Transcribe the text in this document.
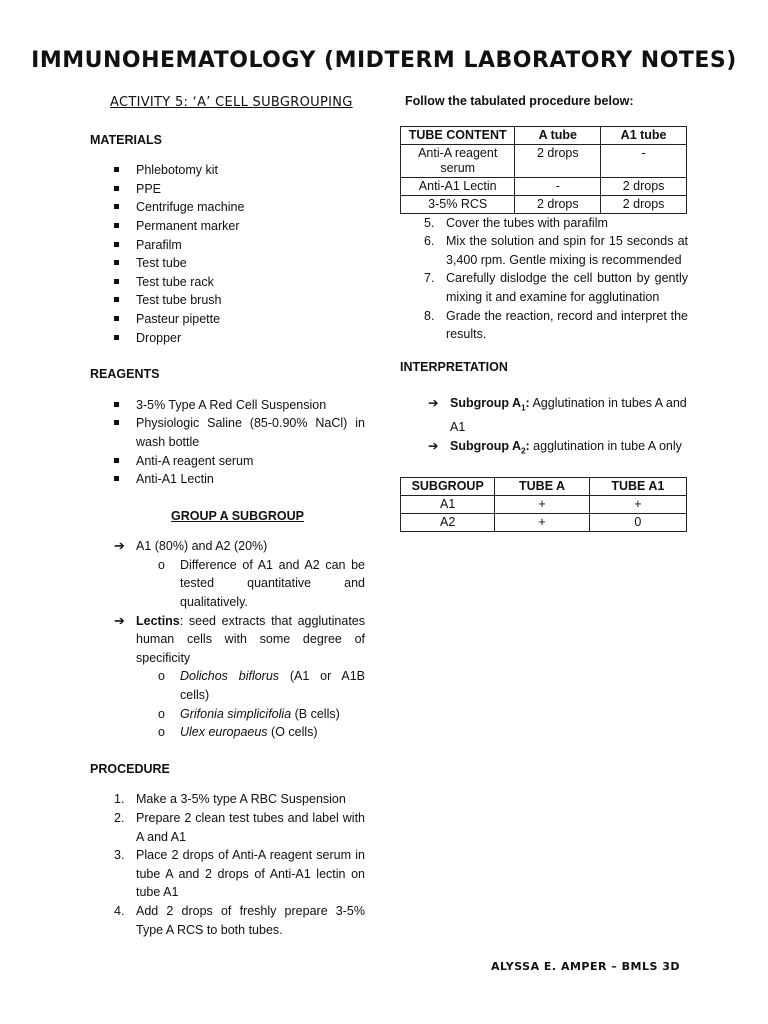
IMMUNOHEMATOLOGY (MIDTERM LABORATORY NOTES)
ACTIVITY 5: ‘A’ CELL SUBGROUPING
MATERIALS
Phlebotomy kit
PPE
Centrifuge machine
Permanent marker
Parafilm
Test tube
Test tube rack
Test tube brush
Pasteur pipette
Dropper
REAGENTS
3-5% Type A Red Cell Suspension
Physiologic Saline (85-0.90% NaCl) in wash bottle
Anti-A reagent serum
Anti-A1 Lectin
GROUP A SUBGROUP
➔ A1 (80%) and A2 (20%)
o Difference of A1 and A2 can be tested quantitative and qualitatively.
➔ Lectins: seed extracts that agglutinates human cells with some degree of specificity
o Dolichos biflorus (A1 or A1B cells)
o Grifonia simplicifolia (B cells)
o Ulex europaeus (O cells)
PROCEDURE
1. Make a 3-5% type A RBC Suspension
2. Prepare 2 clean test tubes and label with A and A1
3. Place 2 drops of Anti-A reagent serum in tube A and 2 drops of Anti-A1 lectin on tube A1
4. Add 2 drops of freshly prepare 3-5% Type A RCS to both tubes.
Follow the tabulated procedure below:
TUBE CONTENT	A tube	A1 tube
Anti-A reagent serum	2 drops	-
Anti-A1 Lectin	-	2 drops
3-5% RCS	2 drops	2 drops
5. Cover the tubes with parafilm
6. Mix the solution and spin for 15 seconds at 3,400 rpm. Gentle mixing is recommended
7. Carefully dislodge the cell button by gently mixing it and examine for agglutination
8. Grade the reaction, record and interpret the results.
INTERPRETATION
➔ Subgroup $A_1$: Agglutination in tubes A and A1
➔ Subgroup $A_2$: agglutination in tube A only
SUBGROUP	TUBE A	TUBE A1
A1	+	+
A2	+	0
ALYSSA E. AMPER – BMLS 3D
